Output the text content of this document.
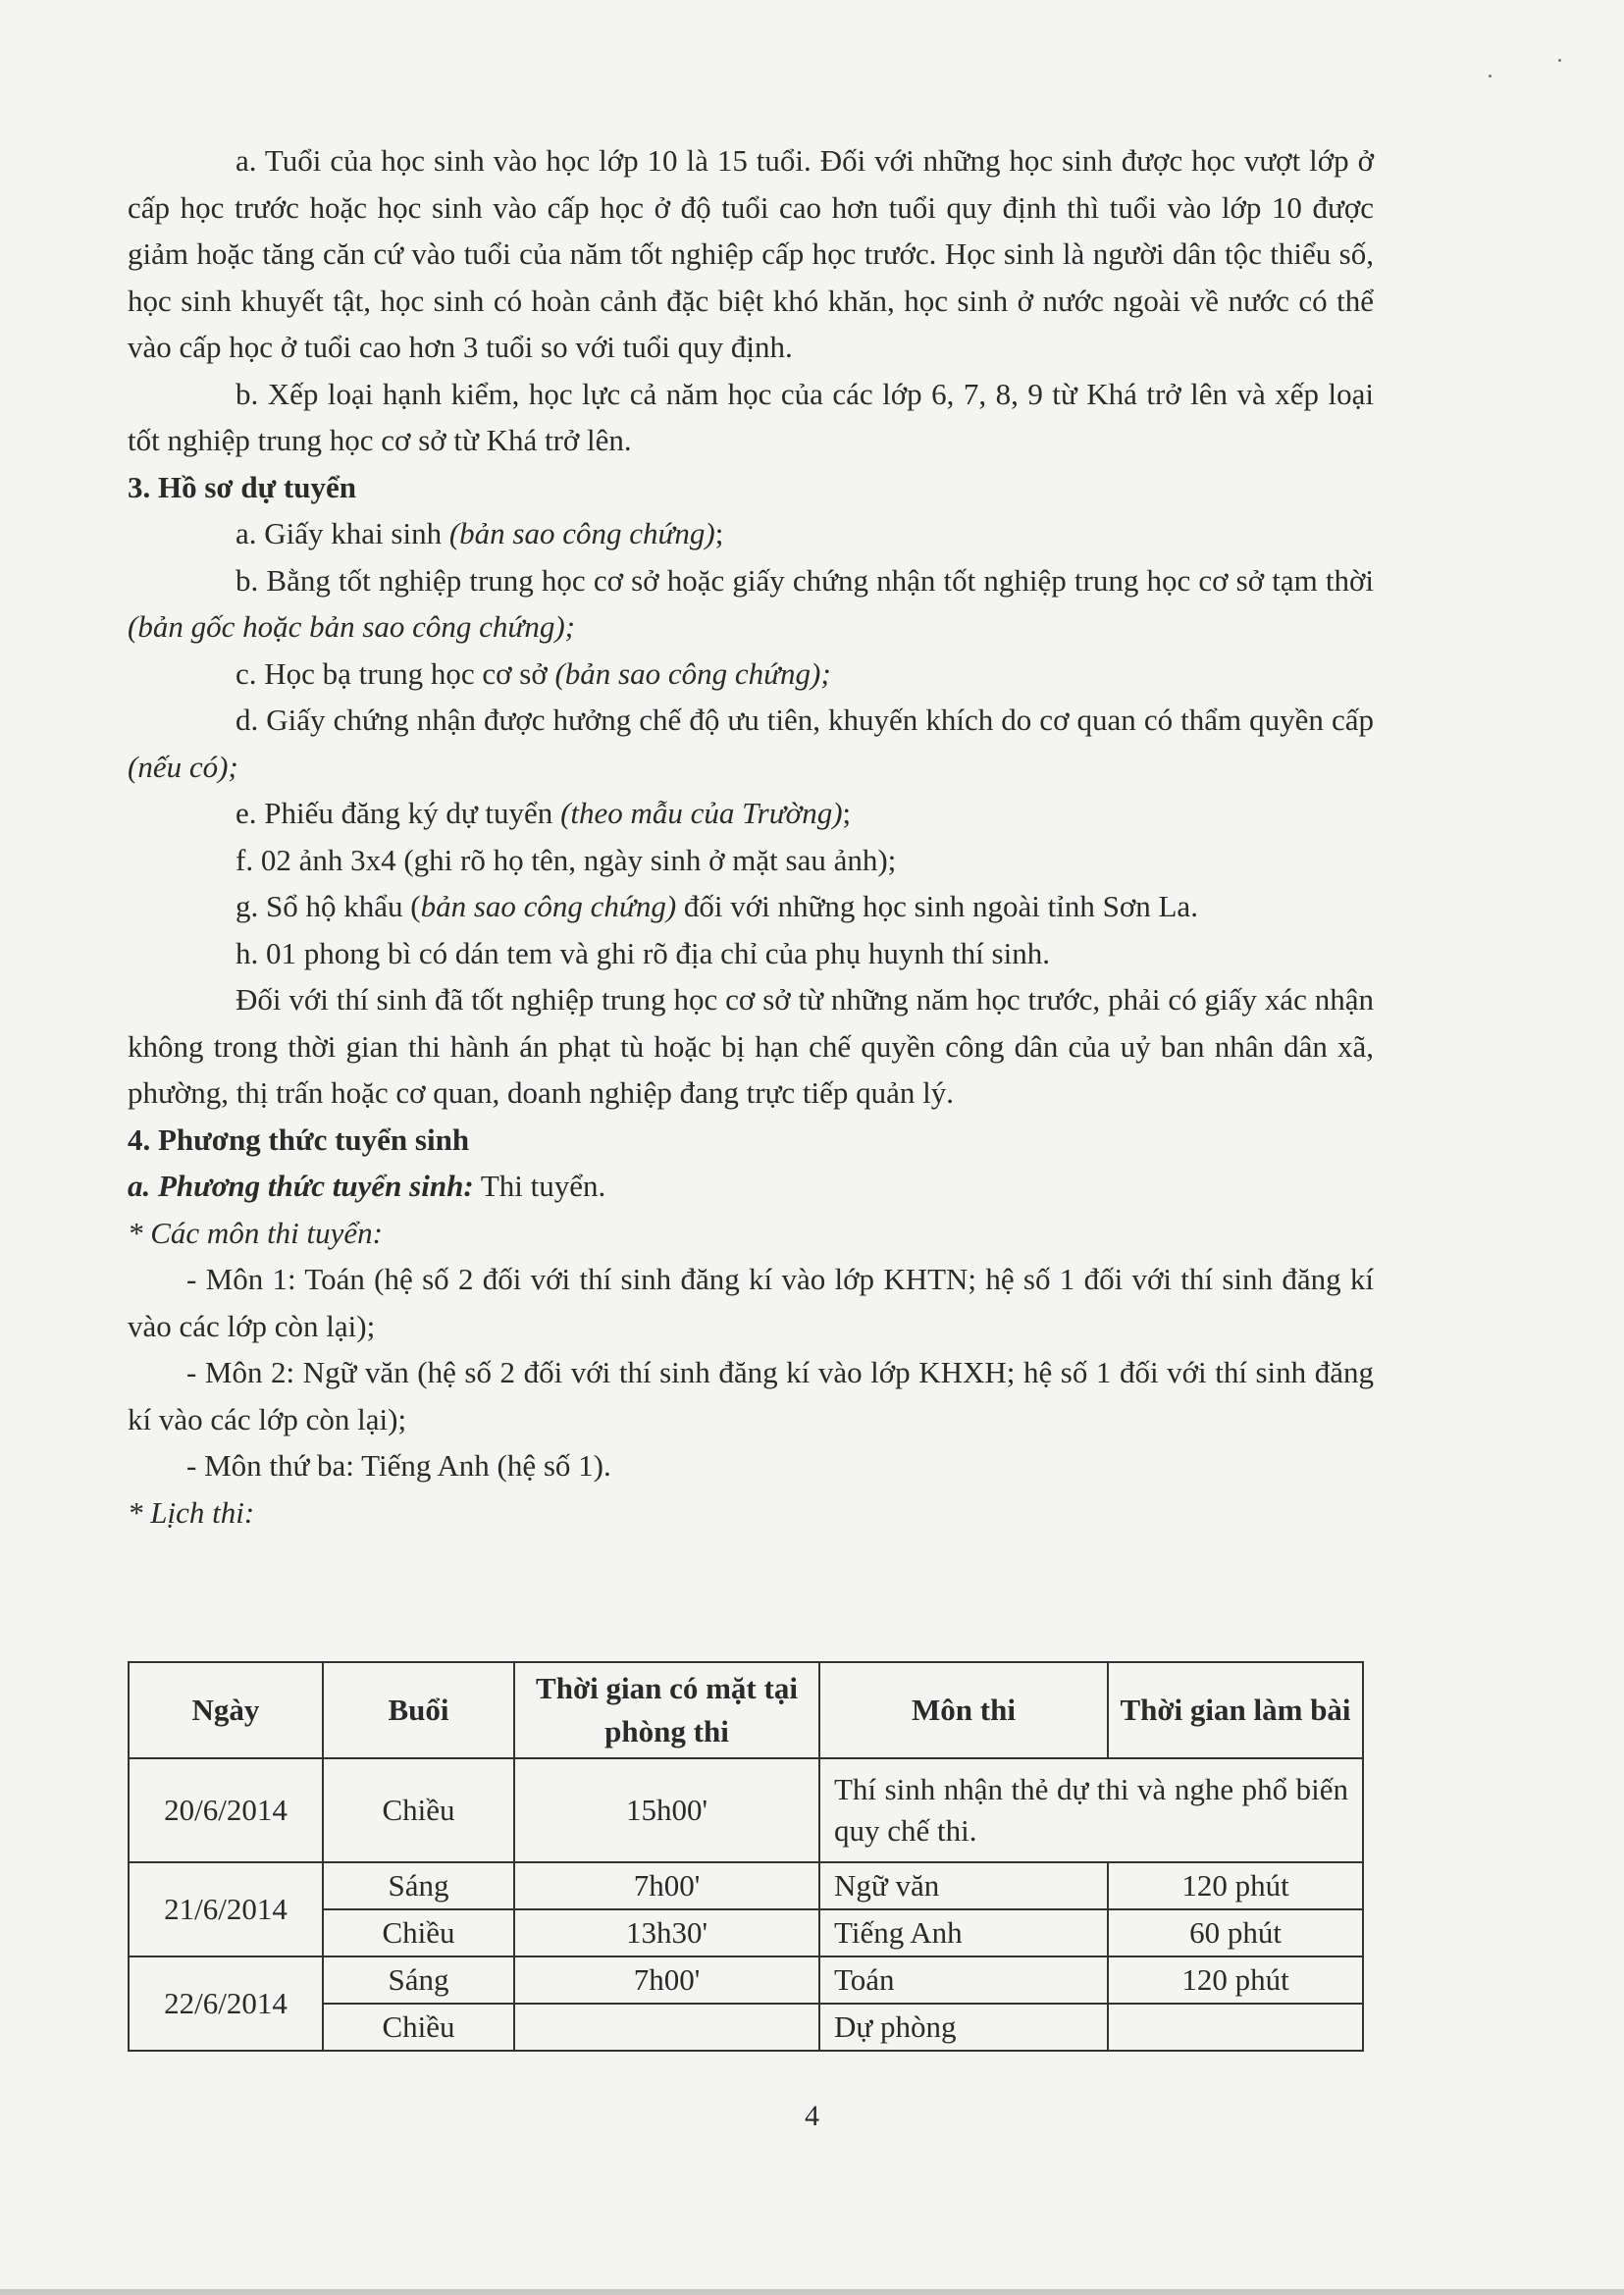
a. Tuổi của học sinh vào học lớp 10 là 15 tuổi. Đối với những học sinh được học vượt lớp ở cấp học trước hoặc học sinh vào cấp học ở độ tuổi cao hơn tuổi quy định thì tuổi vào lớp 10 được giảm hoặc tăng căn cứ vào tuổi của năm tốt nghiệp cấp học trước. Học sinh là người dân tộc thiểu số, học sinh khuyết tật, học sinh có hoàn cảnh đặc biệt khó khăn, học sinh ở nước ngoài về nước có thể vào cấp học ở tuổi cao hơn 3 tuổi so với tuổi quy định.

b. Xếp loại hạnh kiểm, học lực cả năm học của các lớp 6, 7, 8, 9 từ Khá trở lên và xếp loại tốt nghiệp trung học cơ sở từ Khá trở lên.

3. Hồ sơ dự tuyển

a. Giấy khai sinh (bản sao công chứng);

b. Bằng tốt nghiệp trung học cơ sở hoặc giấy chứng nhận tốt nghiệp trung học cơ sở tạm thời (bản gốc hoặc bản sao công chứng);

c. Học bạ trung học cơ sở (bản sao công chứng);

d. Giấy chứng nhận được hưởng chế độ ưu tiên, khuyến khích do cơ quan có thẩm quyền cấp (nếu có);

e. Phiếu đăng ký dự tuyển (theo mẫu của Trường);

f. 02 ảnh 3x4 (ghi rõ họ tên, ngày sinh ở mặt sau ảnh);

g. Sổ hộ khẩu (bản sao công chứng) đối với những học sinh ngoài tỉnh Sơn La.

h. 01 phong bì có dán tem và ghi rõ địa chỉ của phụ huynh thí sinh.

Đối với thí sinh đã tốt nghiệp trung học cơ sở từ những năm học trước, phải có giấy xác nhận không trong thời gian thi hành án phạt tù hoặc bị hạn chế quyền công dân của uỷ ban nhân dân xã, phường, thị trấn hoặc cơ quan, doanh nghiệp đang trực tiếp quản lý.

4. Phương thức tuyển sinh

a. Phương thức tuyển sinh: Thi tuyển.

* Các môn thi tuyển:

- Môn 1: Toán (hệ số 2 đối với thí sinh đăng kí vào lớp KHTN; hệ số 1 đối với thí sinh đăng kí vào các lớp còn lại);

- Môn 2: Ngữ văn (hệ số 2 đối với thí sinh đăng kí vào lớp KHXH; hệ số 1 đối với thí sinh đăng kí vào các lớp còn lại);

- Môn thứ ba: Tiếng Anh (hệ số 1).

* Lịch thi:

Ngày	Buổi	Thời gian có mặt tại phòng thi	Môn thi	Thời gian làm bài
20/6/2014	Chiều	15h00'	Thí sinh nhận thẻ dự thi và nghe phổ biến quy chế thi.	
21/6/2014	Sáng	7h00'	Ngữ văn	120 phút
	Chiều	13h30'	Tiếng Anh	60 phút
22/6/2014	Sáng	7h00'	Toán	120 phút
	Chiều		Dự phòng	
4
